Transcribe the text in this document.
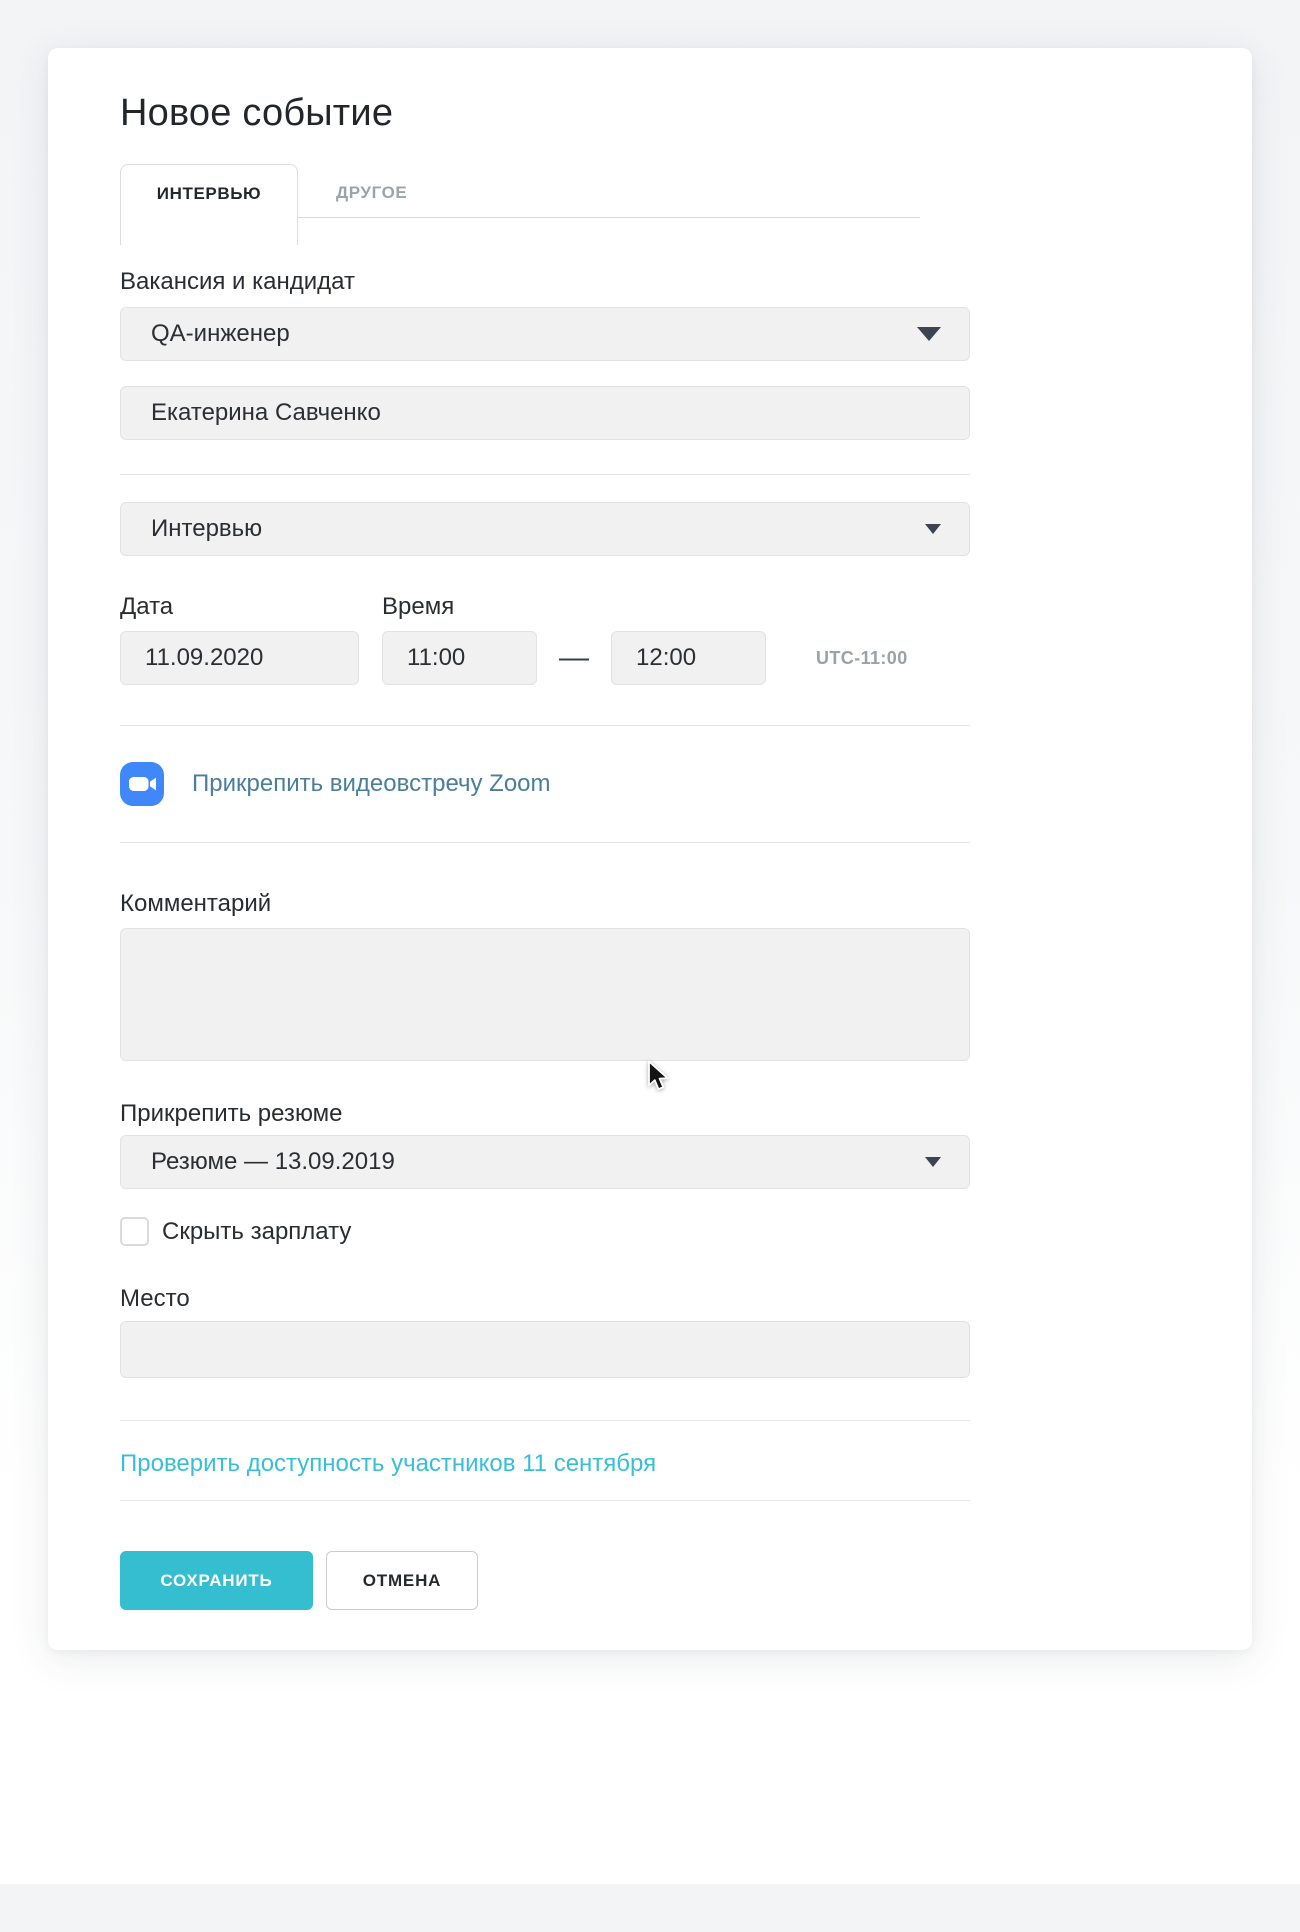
Новое событие
ИНТЕРВЬЮ	ДРУГОЕ
Вакансия и кандидат
QA-инженер
Екатерина Савченко
Интервью
Дата	Время
11.09.2020	11:00	—	12:00	UTC-11:00
Прикрепить видеовстречу Zoom
Комментарий
Прикрепить резюме
Резюме — 13.09.2019
Скрыть зарплату
Место
Проверить доступность участников 11 сентября
СОХРАНИТЬ	ОТМЕНА
